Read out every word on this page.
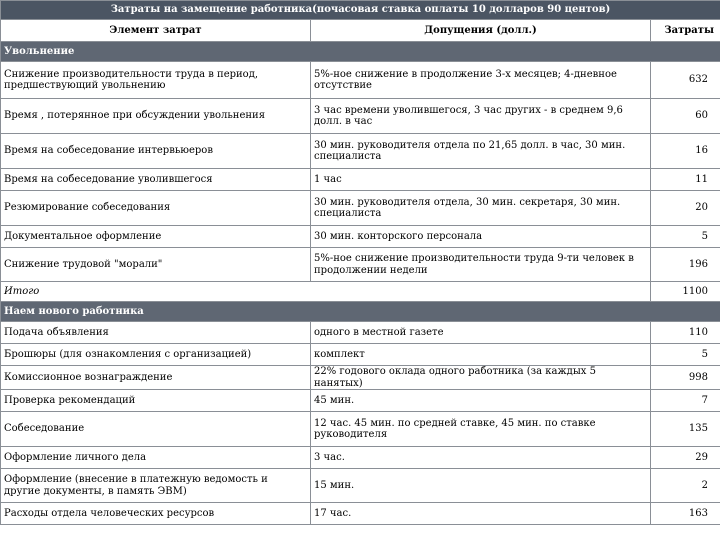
Затраты на замещение работника(почасовая ставка оплаты 10 долларов 90 центов)		
Элемент затрат	Допущения (долл.)	Затраты
Увольнение		
Снижение производительности труда в период, предшествующий увольнению	5%-ное снижение в продолжение 3-х месяцев; 4-дневное отсутствие	632
Время , потерянное при обсуждении увольнения	3 час времени уволившегося, 3 час других - в среднем 9,6 долл. в час	60
Время на собеседование интервьюеров	30 мин. руководителя отдела по 21,65 долл. в час, 30 мин. специалиста	16
Время на собеседование уволившегося	1 час	11
Резюмирование собеседования	30 мин. руководителя отдела, 30 мин. секретаря, 30 мин. специалиста	20
Документальное оформление	30 мин. конторского персонала	5
Снижение трудовой "морали"	5%-ное снижение производительности труда 9-ти человек в продолжении недели	196
Итого		1100
Наем нового работника		
Подача объявления	одного в местной газете	110
Брошюры (для ознакомления с организацией)	комплект	5
Комиссионное вознаграждение	22% годового оклада одного работника (за каждых 5 нанятых)	998
Проверка рекомендаций	45 мин.	7
Собеседование	12 час. 45 мин. по средней ставке, 45 мин. по ставке руководителя	135
Оформление личного дела	3 час.	29
Оформление (внесение в платежную ведомость и другие документы, в память ЭВМ)	15 мин.	2
Расходы отдела человеческих ресурсов	17 час.	163
